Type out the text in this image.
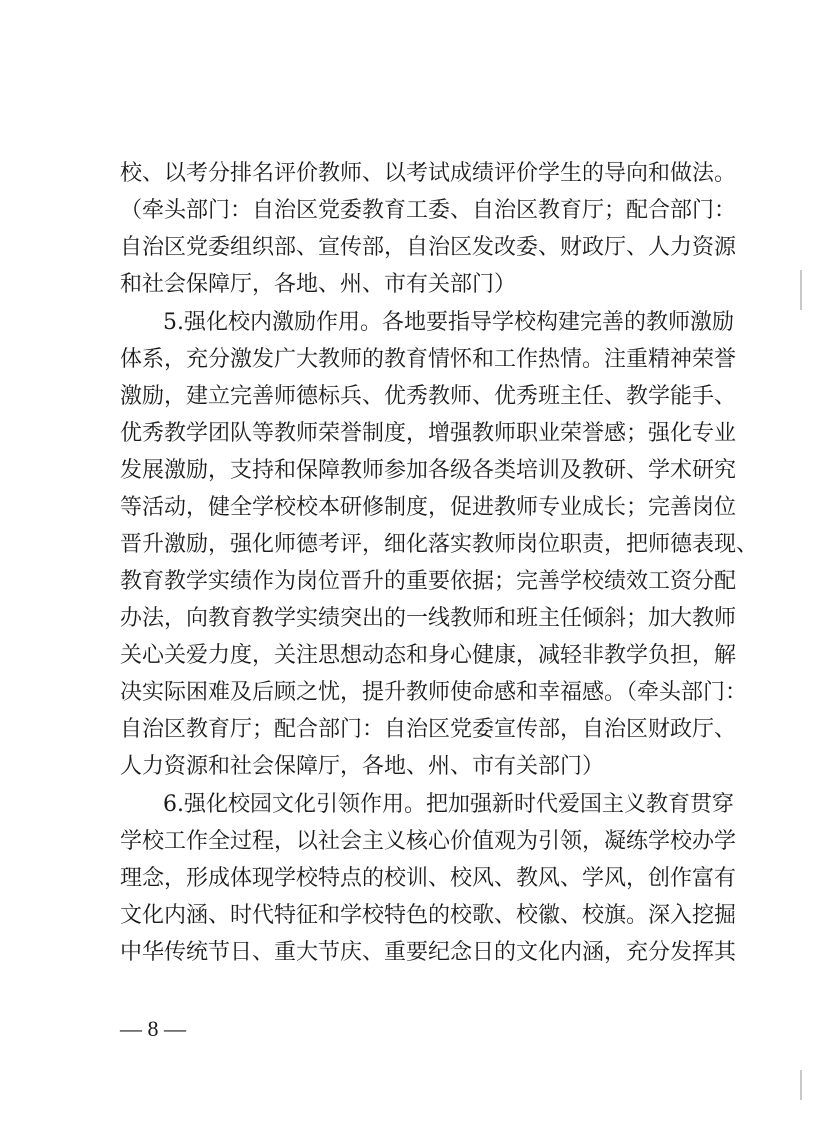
校、以考分排名评价教师、以考试成绩评价学生的导向和做法。
（牵头部门：自治区党委教育工委、自治区教育厅；配合部门：
自治区党委组织部、宣传部，自治区发改委、财政厅、人力资源
和社会保障厅，各地、州、市有关部门）
5.强化校内激励作用。各地要指导学校构建完善的教师激励
体系，充分激发广大教师的教育情怀和工作热情。注重精神荣誉
激励，建立完善师德标兵、优秀教师、优秀班主任、教学能手、
优秀教学团队等教师荣誉制度，增强教师职业荣誉感；强化专业
发展激励，支持和保障教师参加各级各类培训及教研、学术研究
等活动，健全学校校本研修制度，促进教师专业成长；完善岗位
晋升激励，强化师德考评，细化落实教师岗位职责，把师德表现、
教育教学实绩作为岗位晋升的重要依据；完善学校绩效工资分配
办法，向教育教学实绩突出的一线教师和班主任倾斜；加大教师
关心关爱力度，关注思想动态和身心健康，减轻非教学负担，解
决实际困难及后顾之忧，提升教师使命感和幸福感。（牵头部门：
自治区教育厅；配合部门：自治区党委宣传部，自治区财政厅、
人力资源和社会保障厅，各地、州、市有关部门）
6.强化校园文化引领作用。把加强新时代爱国主义教育贯穿
学校工作全过程，以社会主义核心价值观为引领，凝练学校办学
理念，形成体现学校特点的校训、校风、教风、学风，创作富有
文化内涵、时代特征和学校特色的校歌、校徽、校旗。深入挖掘
中华传统节日、重大节庆、重要纪念日的文化内涵，充分发挥其
— 8 —
